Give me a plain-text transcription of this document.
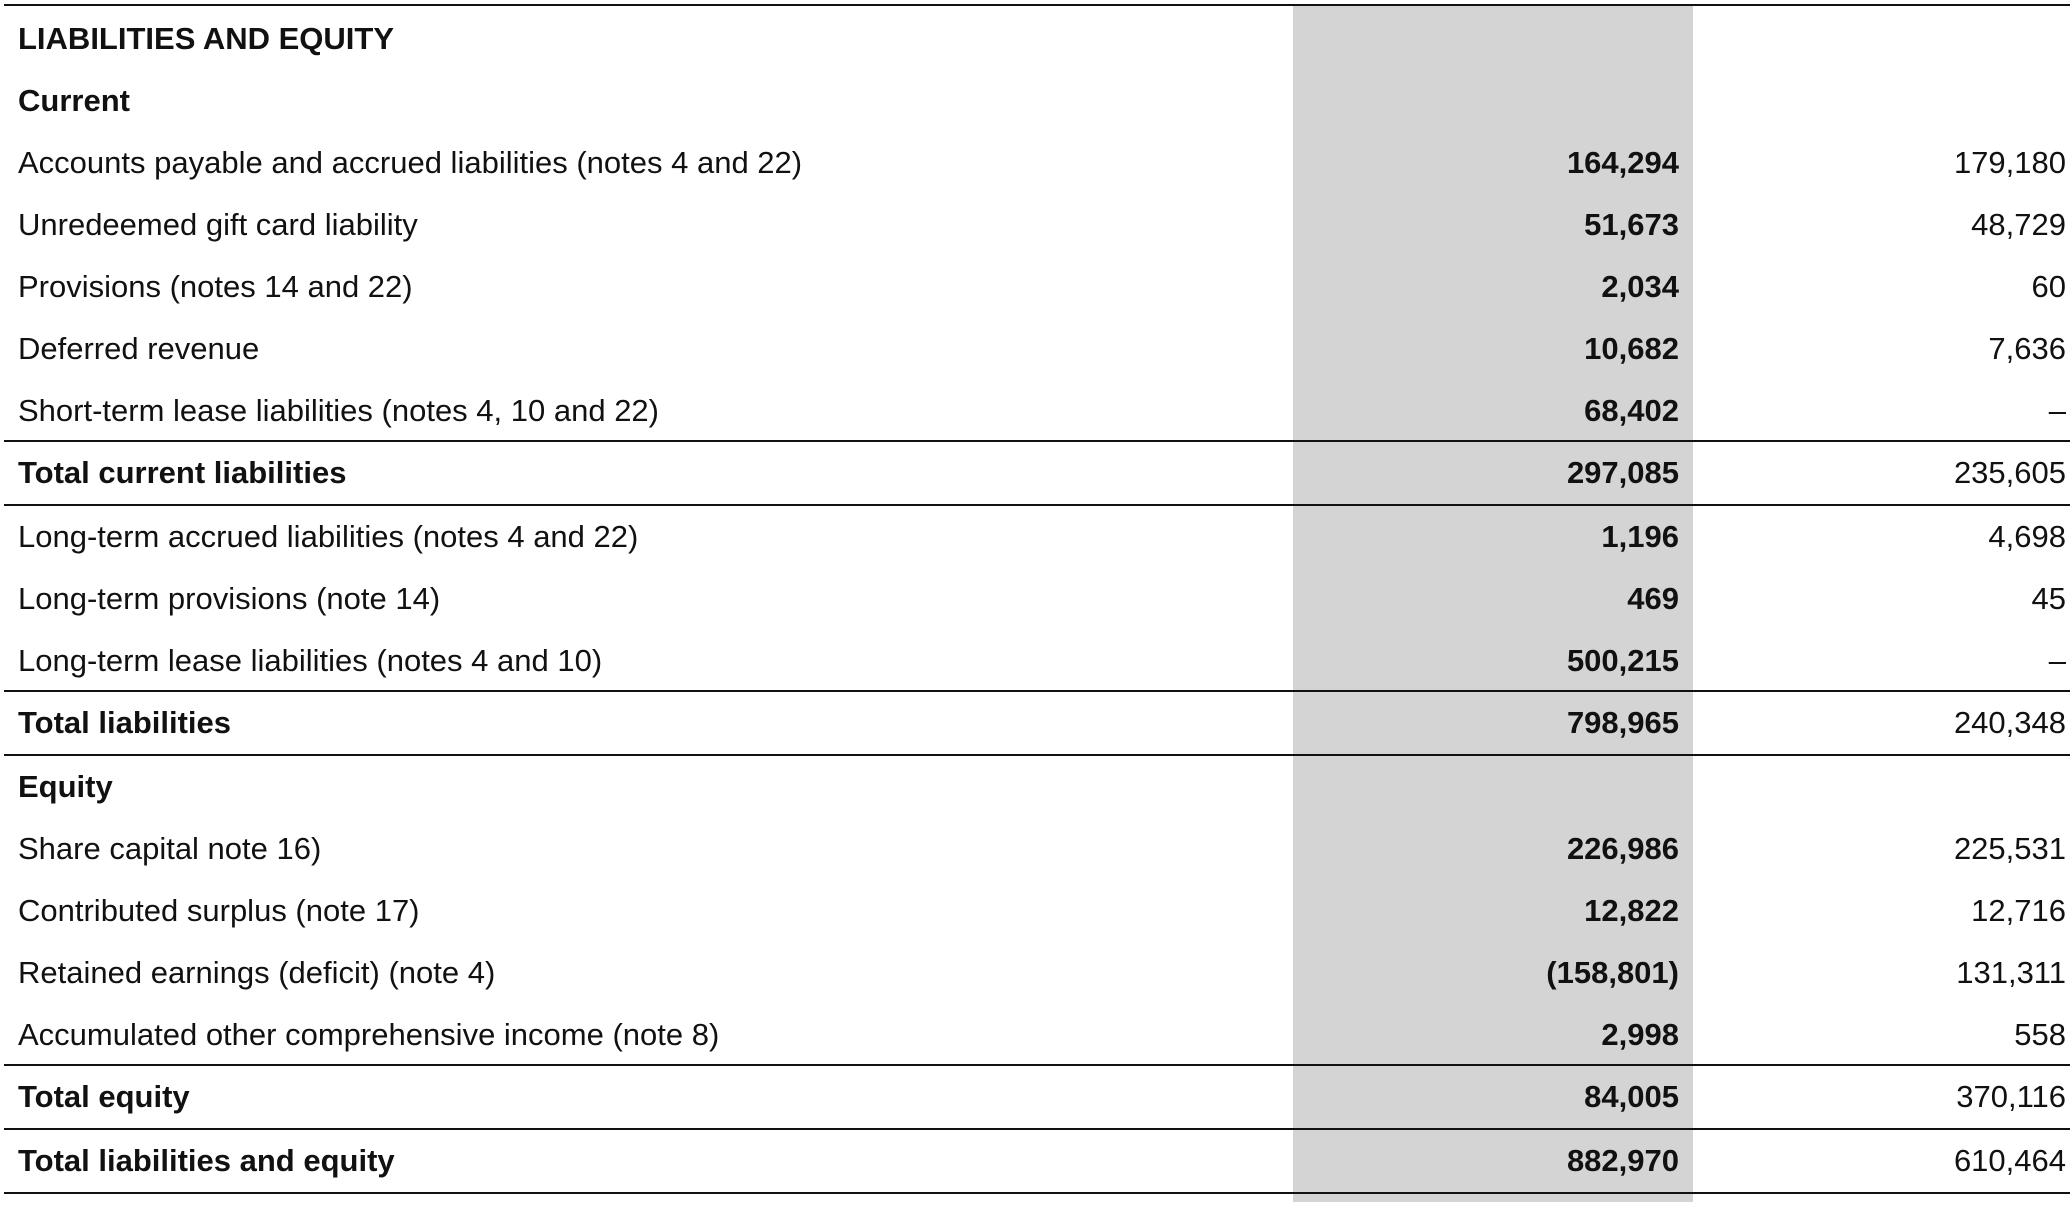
LIABILITIES AND EQUITY
Current
Accounts payable and accrued liabilities (notes 4 and 22)	164,294	179,180
Unredeemed gift card liability	51,673	48,729
Provisions (notes 14 and 22)	2,034	60
Deferred revenue	10,682	7,636
Short-term lease liabilities (notes 4, 10 and 22)	68,402	–
Total current liabilities	297,085	235,605
Long-term accrued liabilities (notes 4 and 22)	1,196	4,698
Long-term provisions (note 14)	469	45
Long-term lease liabilities (notes 4 and 10)	500,215	–
Total liabilities	798,965	240,348
Equity
Share capital note 16)	226,986	225,531
Contributed surplus (note 17)	12,822	12,716
Retained earnings (deficit) (note 4)	(158,801)	131,311
Accumulated other comprehensive income (note 8)	2,998	558
Total equity	84,005	370,116
Total liabilities and equity	882,970	610,464
